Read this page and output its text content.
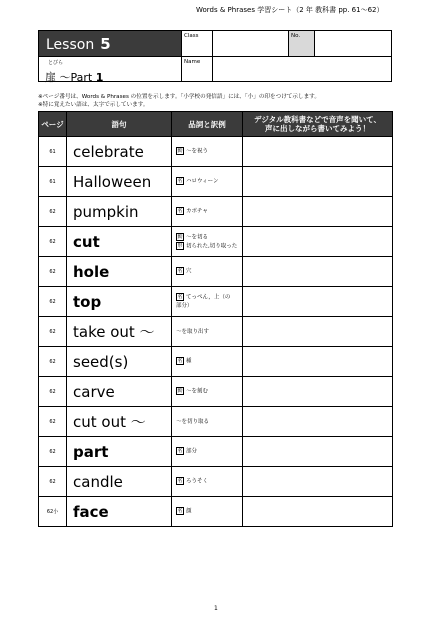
Words & Phrases 学習シート（2 年 教科書 pp. 61〜62）
Lesson 5
とびら
扉 ～Part 1
Class	No.
Name
※ページ番号は、Words & Phrases の位置を示します。「小学校の発信語」には、「小」の印をつけて示します。
※特に覚えたい語は、太字で示しています。
ページ	語句	品詞と訳例	デジタル教科書などで音声を聞いて、
声に出しながら書いてみよう！
61	celebrate	動 ～を祝う	

61	Halloween	名 ハロウィーン	

62	pumpkin	名 カボチャ	

62	cut	動 ～を切る
形 切られた,切り取った	

62	hole	名 穴	

62	top	名 てっぺん，上（の
部分）	

62	take out ～	～を取り出す	

62	seed(s)	名 種	

62	carve	動 ～を刻む	

62	cut out ～	～を切り取る	

62	part	名 部分	

62	candle	名 ろうそく	

62小	face	名 顔	

1
